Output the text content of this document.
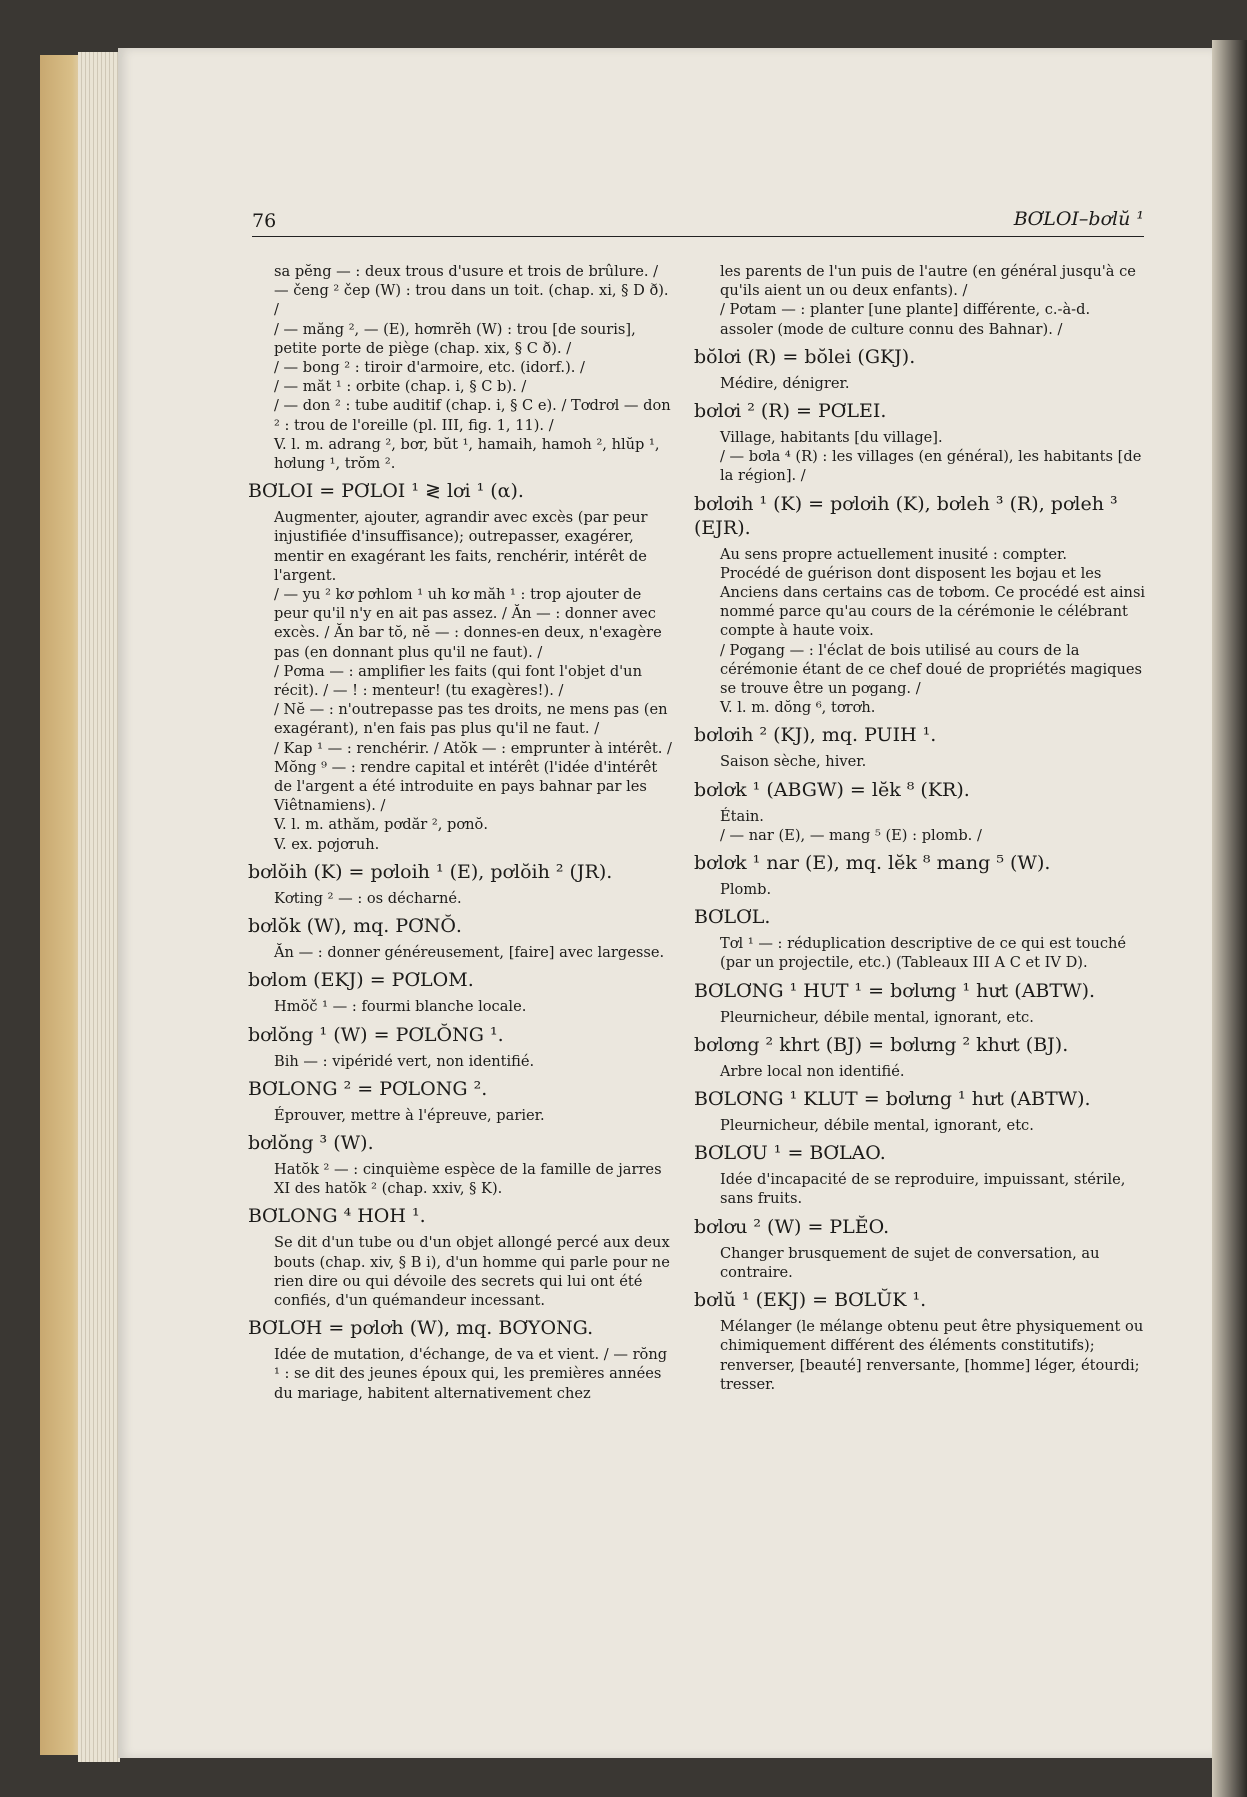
76	BƠLOI–bơlŭ ¹

sa pĕng — : deux trous d'usure et trois de brûlure. / — čeng ² čep (W) : trou dans un toit. (chap. xi, § D ð). /

/ — măng ², — (E), hơmrĕh (W) : trou [de souris], petite porte de piège (chap. xix, § C ð). /

/ — bong ² : tiroir d'armoire, etc. (idorf.). /

/ — măt ¹ : orbite (chap. i, § C b). /

/ — don ² : tube auditif (chap. i, § C e). / Tơdrơl — don ² : trou de l'oreille (pl. III, fig. 1, 11). /

V. l. m. adrang ², bơr, bŭt ¹, hamaih, hamoh ², hlŭp ¹, hơlung ¹, trŏm ².

BƠLOI = PƠLOI ¹ ≷ lơi ¹ (α).

Augmenter, ajouter, agrandir avec excès (par peur injustifiée d'insuffisance); outrepasser, exagérer, mentir en exagérant les faits, renchérir, intérêt de l'argent.

/ — yu ² kơ pơhlom ¹ uh kơ măh ¹ : trop ajouter de peur qu'il n'y en ait pas assez. / Ăn — : donner avec excès. / Ăn bar tŏ, nĕ — : donnes-en deux, n'exagère pas (en donnant plus qu'il ne faut). /

/ Pơma — : amplifier les faits (qui font l'objet d'un récit). / — ! : menteur! (tu exagères!). /

/ Nĕ — : n'outrepasse pas tes droits, ne mens pas (en exagérant), n'en fais pas plus qu'il ne faut. /

/ Kap ¹ — : renchérir. / Atŏk — : emprunter à intérêt. / Mŏng ⁹ — : rendre capital et intérêt (l'idée d'intérêt de l'argent a été introduite en pays bahnar par les Viêtnamiens). /

V. l. m. athăm, pơdăr ², pơnŏ.

V. ex. pơjơruh.

bơlŏih (K) = pơloih ¹ (E), pơlŏih ² (JR).

Kơting ² — : os décharné.

bơlŏk (W), mq. PƠNŎ.

Ăn — : donner généreusement, [faire] avec largesse.

bơlom (EKJ) = PƠLOM.

Hmŏč ¹ — : fourmi blanche locale.

bơlŏng ¹ (W) = PƠLŎNG ¹.

Bih — : vipéridé vert, non identifié.

BƠLONG ² = PƠLONG ².

Éprouver, mettre à l'épreuve, parier.

bơlŏng ³ (W).

Hatŏk ² — : cinquième espèce de la famille de jarres XI des hatŏk ² (chap. xxiv, § K).

BƠLONG ⁴ HOH ¹.

Se dit d'un tube ou d'un objet allongé percé aux deux bouts (chap. xiv, § B i), d'un homme qui parle pour ne rien dire ou qui dévoile des secrets qui lui ont été confiés, d'un quémandeur incessant.

BƠLƠH = pơlơh (W), mq. BƠYONG.

Idée de mutation, d'échange, de va et vient. / — rŏng ¹ : se dit des jeunes époux qui, les premières années du mariage, habitent alternativement chez

les parents de l'un puis de l'autre (en général jusqu'à ce qu'ils aient un ou deux enfants). /

/ Pơtam — : planter [une plante] différente, c.-à-d. assoler (mode de culture connu des Bahnar). /

bŏlơi (R) = bŏlei (GKJ).

Médire, dénigrer.

bơlơi ² (R) = PƠLEI.

Village, habitants [du village].

/ — bơla ⁴ (R) : les villages (en général), les habitants [de la région]. /

bơlơih ¹ (K) = pơlơih (K), bơleh ³ (R), pơleh ³ (EJR).

Au sens propre actuellement inusité : compter.

Procédé de guérison dont disposent les bơjau et les Anciens dans certains cas de tơbơm. Ce procédé est ainsi nommé parce qu'au cours de la cérémonie le célébrant compte à haute voix.

/ Pơgang — : l'éclat de bois utilisé au cours de la cérémonie étant de ce chef doué de propriétés magiques se trouve être un pơgang. /

V. l. m. dŏng ⁶, tơrơh.

bơlơih ² (KJ), mq. PUIH ¹.

Saison sèche, hiver.

bơlơk ¹ (ABGW) = lĕk ⁸ (KR).

Étain.

/ — nar (E), — mang ⁵ (E) : plomb. /

bơlơk ¹ nar (E), mq. lĕk ⁸ mang ⁵ (W).

Plomb.

BƠLƠL.

Tơl ¹ — : réduplication descriptive de ce qui est touché (par un projectile, etc.) (Tableaux III A C et IV D).

BƠLƠNG ¹ HUT ¹ = bơlưng ¹ hưt (ABTW).

Pleurnicheur, débile mental, ignorant, etc.

bơlơng ² khrt (BJ) = bơlưng ² khưt (BJ).

Arbre local non identifié.

BƠLƠNG ¹ KLUT = bơlưng ¹ hưt (ABTW).

Pleurnicheur, débile mental, ignorant, etc.

BƠLƠU ¹ = BƠLAO.

Idée d'incapacité de se reproduire, impuissant, stérile, sans fruits.

bơlơu ² (W) = PLĔO.

Changer brusquement de sujet de conversation, au contraire.

bơlŭ ¹ (EKJ) = BƠLŬK ¹.

Mélanger (le mélange obtenu peut être physiquement ou chimiquement différent des éléments constitutifs);

renverser, [beauté] renversante, [homme] léger, étourdi;

tresser.
